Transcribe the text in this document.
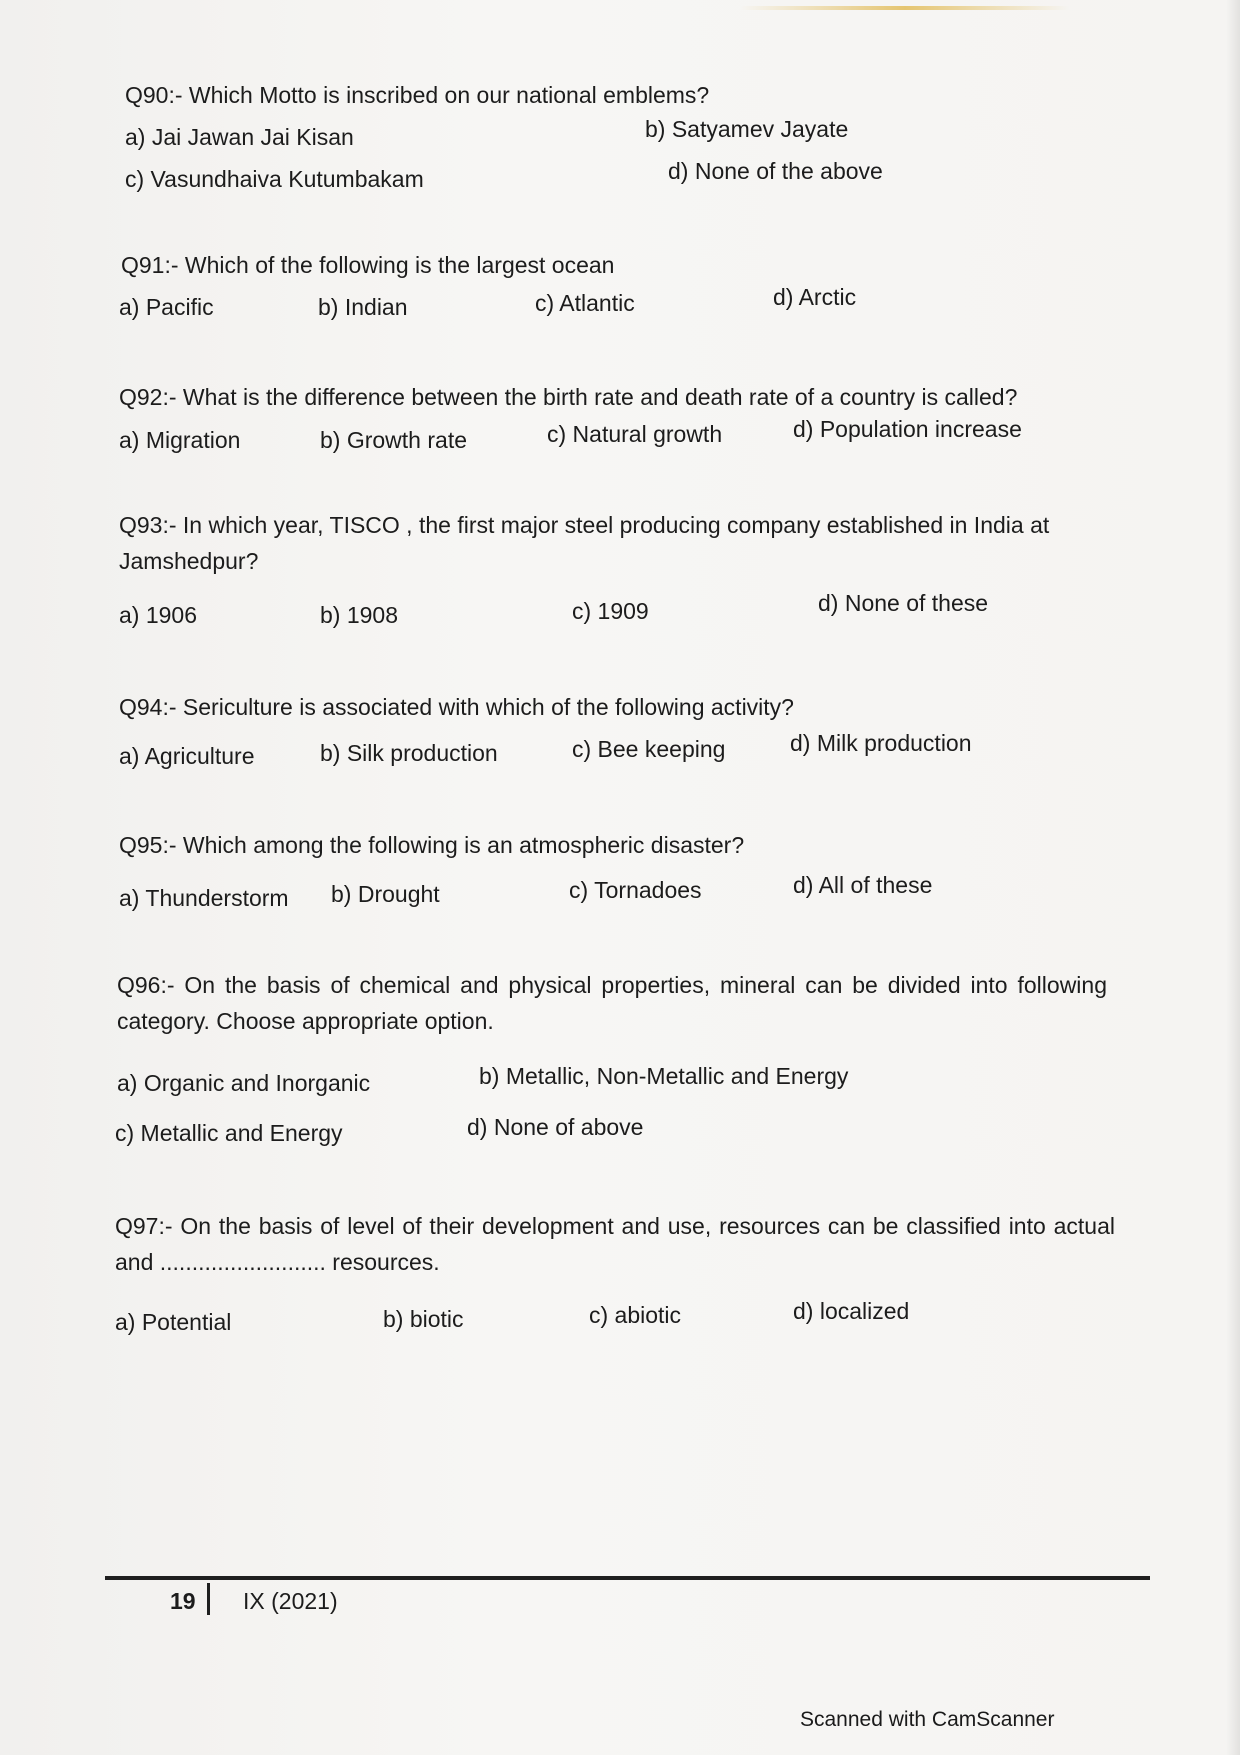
Q90:- Which Motto is inscribed on our national emblems?

a) Jai Jawan Jai Kisan	b) Satyamev Jayate
c) Vasundhaiva Kutumbakam	d) None of the above

Q91:- Which of the following is the largest ocean

a) Pacific	b) Indian	c) Atlantic	d) Arctic

Q92:- What is the difference between the birth rate and death rate of a country is called?

a) Migration	b) Growth rate	c) Natural growth	d) Population increase

Q93:- In which year, TISCO , the first major steel producing company established in India at Jamshedpur?

a) 1906	b) 1908	c) 1909	d) None of these

Q94:- Sericulture is associated with which of the following activity?

a) Agriculture	b) Silk production	c) Bee keeping	d) Milk production

Q95:- Which among the following is an atmospheric disaster?

a) Thunderstorm b) Drought	c) Tornadoes	d) All of these

Q96:- On the basis of chemical and physical properties, mineral can be divided into following category. Choose appropriate option.

a) Organic and Inorganic	b) Metallic, Non-Metallic and Energy
c) Metallic and Energy	d) None of above

Q97:- On the basis of level of their development and use, resources can be classified into actual and .......................... resources.

a) Potential	b) biotic	c) abiotic	d) localized
19 IX (2021)
Scanned with CamScanner
